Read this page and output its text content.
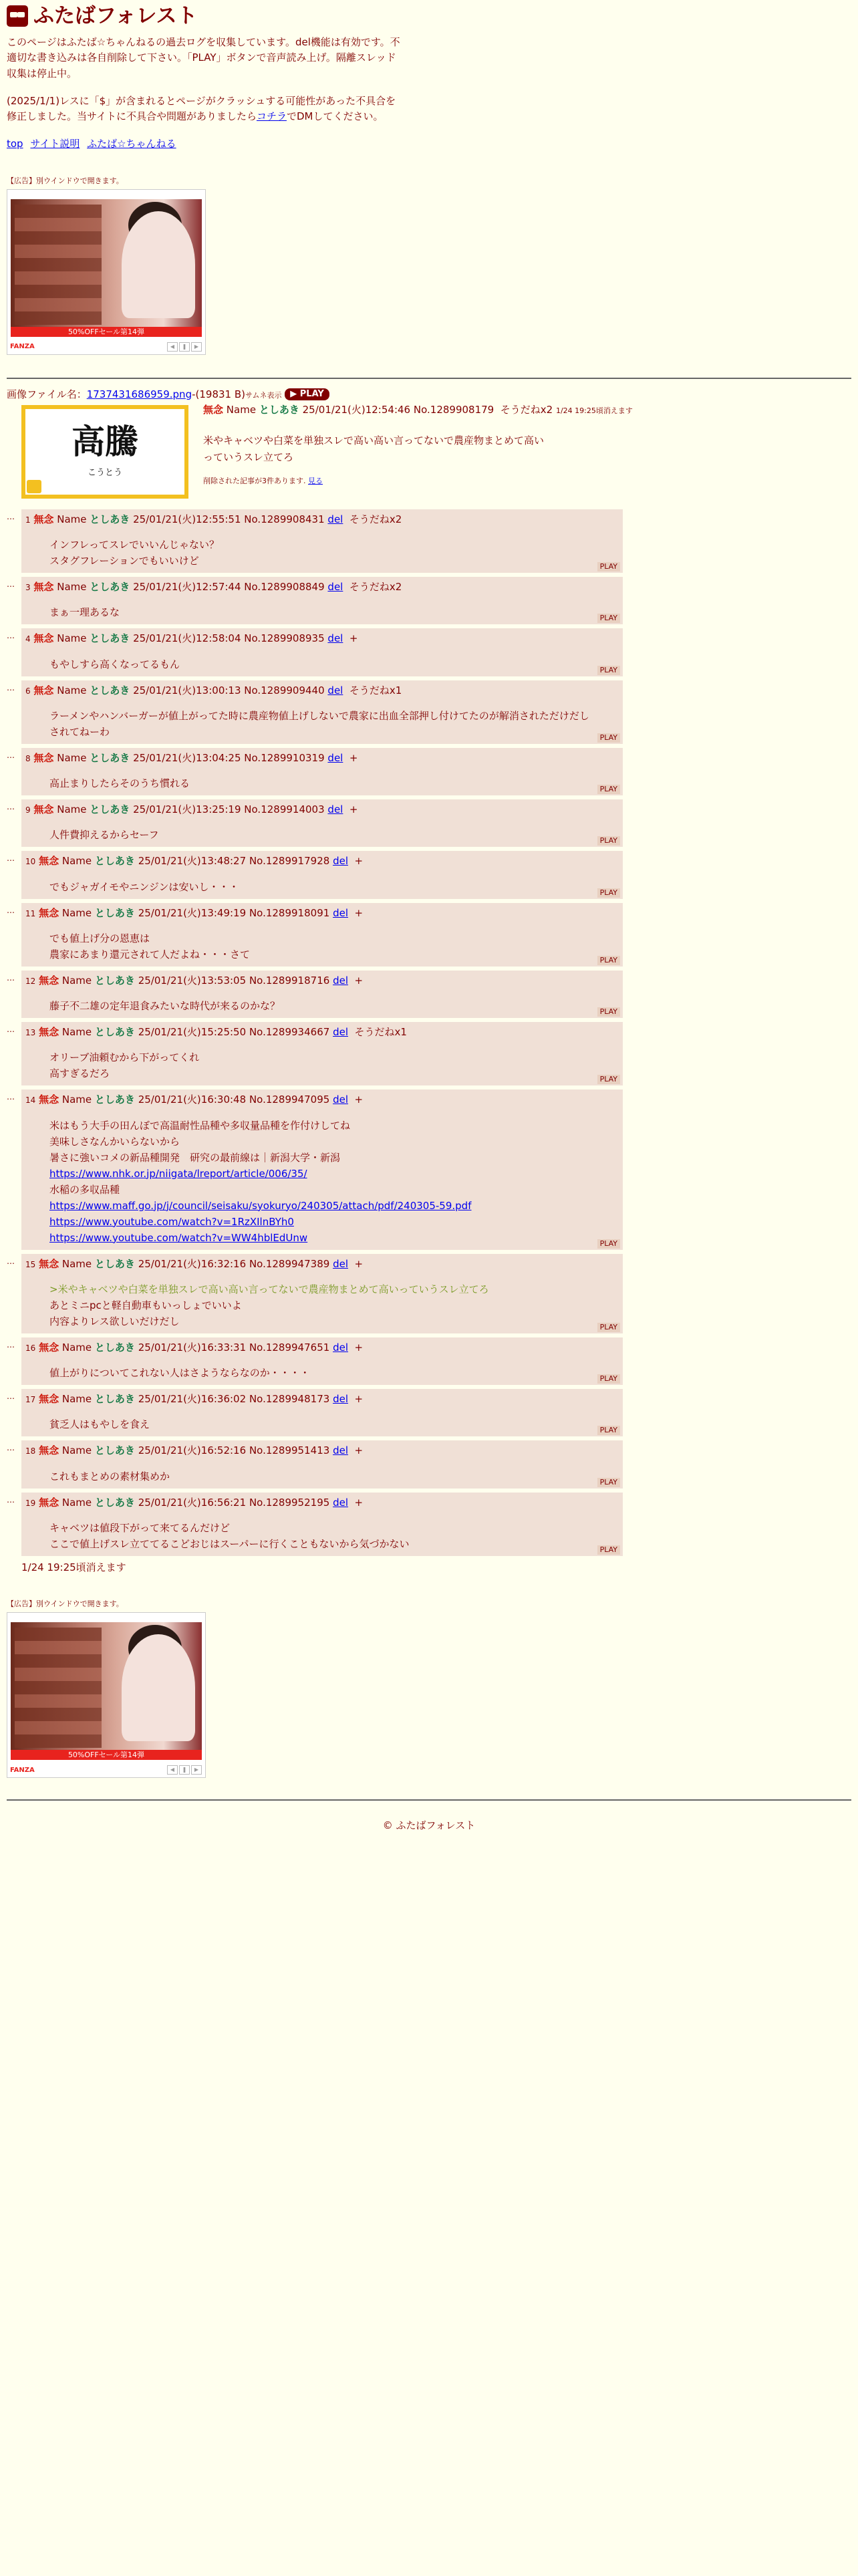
ふたばフォレスト

このページはふたば☆ちゃんねるの過去ログを収集しています。del機能は有効です。不適切な書き込みは各自削除して下さい。「PLAY」ボタンで音声読み上げ。隔離スレッド収集は停止中。

(2025/1/1)レスに「$」が含まれるとページがクラッシュする可能性があった不具合を修正しました。当サイトに不具合や問題がありましたらコチラでDMしてください。

top サイト説明 ふたば☆ちゃんねる
【広告】別ウインドウで開きます。
50%OFFセール第14弾
FANZA	◀	❚	▶
画像ファイル名：1737431686959.png-(19831 B)サムネ表示 ▶ PLAY
高騰
こうとう
無念 Name としあき 25/01/21(火)12:54:46 No.1289908179 そうだねx2 1/24 19:25頃消えます
米やキャベツや白菜を単独スレで高い高い言ってないで農産物まとめて高い
っていうスレ立てろ
削除された記事が3件あります. 見る
… 1 無念 Name としあき 25/01/21(火)12:55:51 No.1289908431 del そうだねx2
インフレってスレでいいんじゃない？
スタグフレーションでもいいけど	PLAY
… 3 無念 Name としあき 25/01/21(火)12:57:44 No.1289908849 del そうだねx2
まぁ一理あるな	PLAY
… 4 無念 Name としあき 25/01/21(火)12:58:04 No.1289908935 del +
もやしすら高くなってるもん	PLAY
… 6 無念 Name としあき 25/01/21(火)13:00:13 No.1289909440 del そうだねx1
ラーメンやハンバーガーが値上がってた時に農産物値上げしないで農家に出血全部押し付けてたのが解消されただけだし
されてねーわ	PLAY
… 8 無念 Name としあき 25/01/21(火)13:04:25 No.1289910319 del +
高止まりしたらそのうち慣れる	PLAY
… 9 無念 Name としあき 25/01/21(火)13:25:19 No.1289914003 del +
人件費抑えるからセーフ	PLAY
… 10 無念 Name としあき 25/01/21(火)13:48:27 No.1289917928 del +
でもジャガイモやニンジンは安いし・・・	PLAY
… 11 無念 Name としあき 25/01/21(火)13:49:19 No.1289918091 del +
でも値上げ分の恩恵は
農家にあまり還元されて人だよね・・・さて	PLAY
… 12 無念 Name としあき 25/01/21(火)13:53:05 No.1289918716 del +
藤子不二雄の定年退食みたいな時代が来るのかな？	PLAY
… 13 無念 Name としあき 25/01/21(火)15:25:50 No.1289934667 del そうだねx1
オリーブ油頼むから下がってくれ
高すぎるだろ	PLAY
… 14 無念 Name としあき 25/01/21(火)16:30:48 No.1289947095 del +
米はもう大手の田んぼで高温耐性品種や多収量品種を作付けしてね
美味しさなんかいらないから
暑さに強いコメの新品種開発　研究の最前線は｜新潟大学・新潟
https://www.nhk.or.jp/niigata/lreport/article/006/35/
水稲の多収品種
https://www.maff.go.jp/j/council/seisaku/syokuryo/240305/attach/pdf/240305-59.pdf
https://www.youtube.com/watch?v=1RzXIlnBYh0
https://www.youtube.com/watch?v=WW4hblEdUnw	PLAY
… 15 無念 Name としあき 25/01/21(火)16:32:16 No.1289947389 del +
>米やキャベツや白菜を単独スレで高い高い言ってないで農産物まとめて高いっていうスレ立てろ
あとミニpcと軽自動車もいっしょでいいよ
内容よりレス欲しいだけだし	PLAY
… 16 無念 Name としあき 25/01/21(火)16:33:31 No.1289947651 del +
値上がりについてこれない人はさようならなのか・・・・	PLAY
… 17 無念 Name としあき 25/01/21(火)16:36:02 No.1289948173 del +
貧乏人はもやしを食え	PLAY
… 18 無念 Name としあき 25/01/21(火)16:52:16 No.1289951413 del +
これもまとめの素材集めか	PLAY
… 19 無念 Name としあき 25/01/21(火)16:56:21 No.1289952195 del +
キャベツは値段下がって来てるんだけど
ここで値上げスレ立ててるこどおじはスーパーに行くこともないから気づかない	PLAY
1/24 19:25頃消えます
【広告】別ウインドウで開きます。
50%OFFセール第14弾
FANZA	◀	❚	▶
© ふたばフォレスト
